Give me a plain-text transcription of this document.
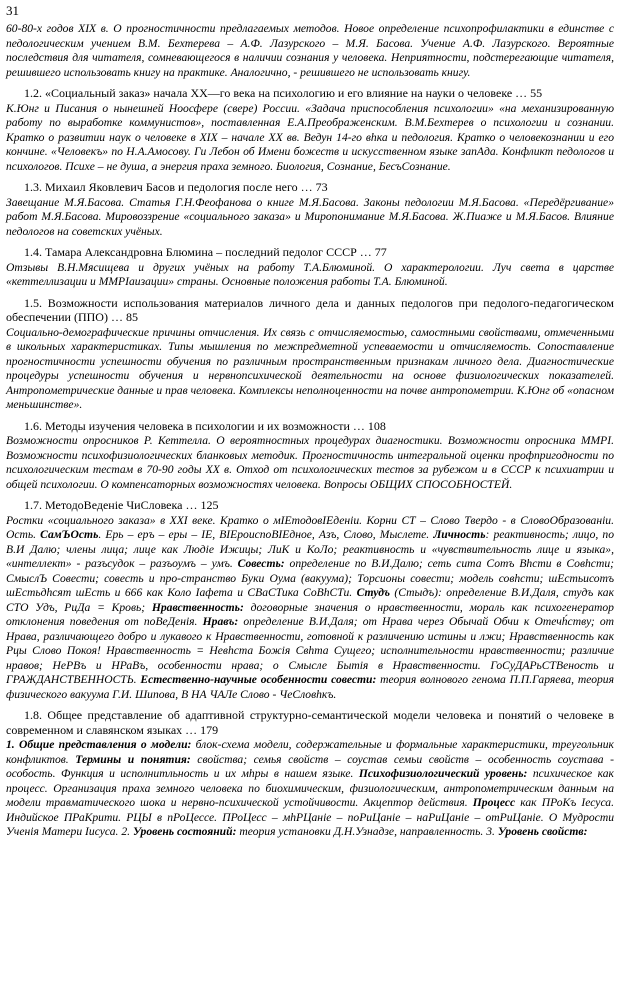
31

60-80-х годов XIX в. О прогностичности предлагаемых методов. Новое определение психопрофилактики в единстве с педологическим учением В.М. Бехтерева – А.Ф. Лазурского – М.Я. Басова. Учение А.Ф. Лазурского. Вероятные последствия для читателя, сомневающегося в наличии сознания у человека. Неприятности, подстерегающие читателя, решившего использовать книгу на практике. Аналогично, - решившего не использовать книгу.

1.2. «Социальный заказ» начала XX—го века на психологию и его влияние на науки о человеке … 55

К.Юнг и Писания о нынешней Ноосфере (свере) России. «Задача приспособления психологии» «на механизированную работу по выработке коммунистов», поставленная Е.А.Преображенским. В.М.Бехтерев о психологии и сознании. Кратко о развитии наук о человеке в XIX – начале XX вв. Ведун 14-го вhка и педология. Кратко о человекознании и его кончине. «Человекъ» по Н.А.Амосову. Ги Лебон об Имени божеств и искусственном языке запАда. Конфликт педологов и психологов. Психе – не душа, а энергия праха земного. Биология, Сознание, БесъСознание.

1.3. Михаил Яковлевич Басов и педология после него … 73

Завещание М.Я.Басова. Статья Г.Н.Феофанова о книге М.Я.Басова. Законы педологии М.Я.Басова. «Передёргивание» работ М.Я.Басова. Мировоззрение «социального заказа» и Миропонимание М.Я.Басова. Ж.Пиаже и М.Я.Басов. Влияние педологов на советских учёных.

1.4. Тамара Александровна Блюмина – последний педолог СССР … 77

Отзывы В.Н.Мясищева и других учёных на работу Т.А.Блюминой. О характерологии. Луч света в царстве «кеттеллизации и ММРIаизации» страны. Основные положения работы Т.А. Блюминой.

1.5. Возможности использования материалов личного дела и данных педологов при педолого-педагогическом обеспечении (ППО) … 85

Социально-демографические причины отчисления. Их связь с отчисляемостью, самостными свойствами, отмеченными в школьных характеристиках. Типы мышления по межпредметной успеваемости и отчисляемость. Сопоставление прогностичности успешности обучения по различным пространственным признакам личного дела. Диагностические процедуры успешности обучения и нервнопсихической деятельности на основе физиологических показателей. Антропометрические данные и прав человека. Комплексы неполноценности на почве антропометрии. К.Юнг об «опасном меньшинстве».

1.6. Методы изучения человека в психологии и их возможности … 108

Возможности опросников Р. Кеттелла. О вероятностных процедурах диагностики. Возможности опросника MMPI. Возможности психофизиологических бланковых методик. Прогностичность интегральной оценки профпригодности по психологическим тестам в 70-90 годы XX в. Отход от психологических тестов за рубежом и в СССР к психиатрии и общей психологии. О компенсаторных возможностях человека. Вопросы ОБЩИХ СПОСОБНОСТЕЙ.

1.7. МетодоВеденiе ЧиСловека … 125

Ростки «социального заказа» в XXI веке. Кратко о мIЕтодовIЕденiи. Корни СТ – Слово Твердо - в СловоОбразованiи. Ость. СамЪОсть. Ерь – еръ – еры – IE, ВIЕроисnоВIЕдное, Азъ, Слово, Мыслете. Личность: реактивность; лицо, по В.И Далю; члены лица; лице как Людiе Ижицы; ЛиК и КоЛо; реактивность и «чувствительность лице и языка», «интеллект» - разъсудок – разъоумъ – умъ. Совесть: определение по В.И.Далю; сеть сита Сотъ Вhсти в Совhсти; СмыслЪ Совести; совесть и про-странство Буки Оума (вакуума); Торсионы совести; модель совhсти; шЕстьисотъ шЕстьдhсят шЕсть и 666 как Коло Iафета и СВаСТика СоВhСТи. Студъ (Стыдъ): определение В.И.Даля, студъ как СТО Удъ, РиДа = Кровь; Нравственность: договорные значения о нравственности, мораль как психогенератор отклонения поведения от поВеДенiя. Нравъ: определение В.И.Даля; от Нрава через Обычай Обчи к Отечh́ству; от Нрава, различающего добро и лукавого к Нравственности, готовной к различению истины и лжи; Нравственность как Рцы Слово Покоя! Нравственность = Невhста Божiя Свhта Сущего; исполнительности нравственности; различие нравов; НеРВъ и НРаВъ, особенности нрава; о Смысле Бытiя в Нравственности. ГоСуДАРьСТВеность и ГРАЖДАНСТВЕННОСТЬ. Естественно-научные особенности совести: теория волнового генома П.П.Гаряева, теория физического вакуума Г.И. Шипова, В НА ЧАЛе Слово - ЧеСловhкъ.

1.8. Общее представление об адаптивной структурно-семантической модели человека и понятий о человеке в современном и славянском языках … 179

1. Общие представления о модели: блок-схема модели, содержательные и формальные характеристики, треугольник конфликтов. Термины и понятия: свойства; семья свойств – соустав семьи свойств – особенность соустава - особость. Функция и исполнитльность и их мhры в нашем языке. Психофизиологический уровень: психическое как процесс. Организация праха земного человека по биохимическим, физиологическим, антропометрическим данным на модели травматического шока и нервно-психической устойчивости. Акцептор действия. Процесс как ПРоКъ Iесуса. Индийское ПРаКрити. РЦЫ в пРоЦессе. ПРоЦесс – мhРЦанiе – поРиЦанiе – наРиЦанiе – отРиЦанiе. О Мудрости Ученiя Матери Iисуса. 2. Уровень состояний: теория установки Д.Н.Узнадзе, направленность. 3. Уровень свойств:
